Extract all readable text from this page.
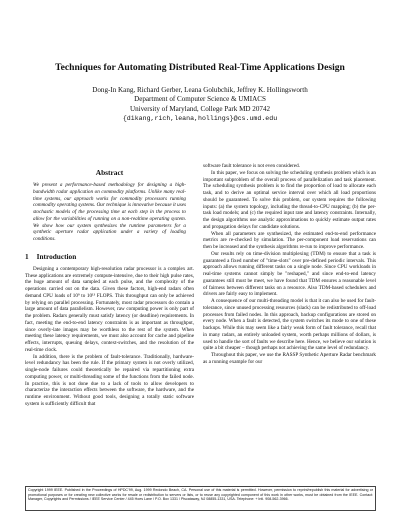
Techniques for Automating Distributed Real-Time Applications Design
Dong-In Kang, Richard Gerber, Leana Golubchik, Jeffrey K. Hollingsworth
Department of Computer Science & UMIACS
University of Maryland, College Park MD 20742
{dikang,rich,leana,hollings}@cs.umd.edu
Abstract

We present a performance-based methodology for designing a high-bandwidth radar application on commodity platforms. Unlike many real-time systems, our approach works for commodity processors running commodity operating systems. Our technique is innovative because it uses stochastic models of the processing time at each step in the process to allow for the variabilities of running on a non-realtime operating system. We show how our system synthesizes the runtime parameters for a synthetic aperture radar application under a variety of loading conditions.

1 Introduction

Designing a contemporary high-resolution radar processor is a complex art. These applications are extremely compute-intensive, due to their high pulse rates, the huge amount of data sampled at each pulse, and the complexity of the operations carried out on the data. Given these factors, high-end radars often demand CPU loads of 10⁹ to 10¹³ FLOPS. This throughput can only be achieved by relying on parallel processing. Fortunately, most radar processors do contain a large amount of data parallelism. However, raw computing power is only part of the problem. Radars generally must satisfy latency (or deadline) requirements. In fact, meeting the end-to-end latency constraints is as important as throughput, since overly-late images may be worthless to the rest of the system. When meeting these latency requirements, we must also account for cache and pipeline effects, interrupts, queuing delays, context-switches, and the resolution of the real-time clock.

In addition, there is the problem of fault-tolerance. Traditionally, hardware-level redundancy has been the rule. If the primary system is not overly utilized, single-node failures could theoretically be repaired via repartitioning extra computing power, or multi-threading some of the functions from the failed node. In practice, this is not done due to a lack of tools to allow developers to characterize the interaction effects between the software, the hardware, and the runtime environment. Without good tools, designing a totally static software system is sufficiently difficult that

software fault tolerance is not even considered.

In this paper, we focus on solving the scheduling synthesis problem which is an important subproblem of the overall process of parallelization and task placement. The scheduling synthesis problem is to find the proportion of load to allocate each task, and to derive an optimal service interval over which all load proportions should be guaranteed. To solve this problem, our system requires the following inputs: (a) the system topology, including the thread-to-CPU mapping; (b) the per-task load models; and (c) the required input rate and latency constraints. Internally, the design algorithms use analytic approximations to quickly estimate output rates and propagation delays for candidate solutions.

When all parameters are synthesized, the estimated end-to-end performance metrics are re-checked by simulation. The per-component load reservations can then be increased and the synthesis algorithms re-run to improve performance.

Our results rely on time-division multiplexing (TDM) to ensure that a task is guaranteed a fixed number of "time-slots" over pre-defined periodic intervals. This approach allows running different tasks on a single node. Since CPU workloads in real-time systems cannot simply be "reshaped," and since end-to-end latency guarantees still must be meet, we have found that TDM ensures a reasonable level of fairness between different tasks on a resource. Also TDM-based schedulers and drivers are fairly easy to implement.

A consequence of our multi-threading model is that it can also be used for fault-tolerance, since unused processing resources (slack) can be redistributed to off-load processes from failed nodes. In this approach, backup configurations are stored on every node. When a fault is detected, the system switches its mode to one of these backups. While this may seem like a fairly weak form of fault tolerance, recall that in many radars, an entirely unloaded system, worth perhaps millions of dollars, is used to handle the sort of faults we describe here. Hence, we believe our solution is quite a bit cheaper – though perhaps not achieving the same level of redundancy.

Throughout this paper, we use the RASSP Synthetic Aperture Radar benchmark as a running example for our

Copyright 1999 IEEE. Published in the Proceedings of HPDC'99, Aug. 1999 Redondo Beach, CA. Personal use of this material is permitted. However, permission to reprint/republish this material for advertising or promotional purposes or for creating new collective works for resale or redistribution to servers or lists, or to reuse any copyrighted component of this work in other works, must be obtained from the IEEE. Contact: Manager, Copyrights and Permissions / IEEE Service Center / 445 Hoes Lane / P.O. Box 1331 / Piscataway, NJ 08855-1331, USA. Telephone: + Intl. 908-562-3966.
